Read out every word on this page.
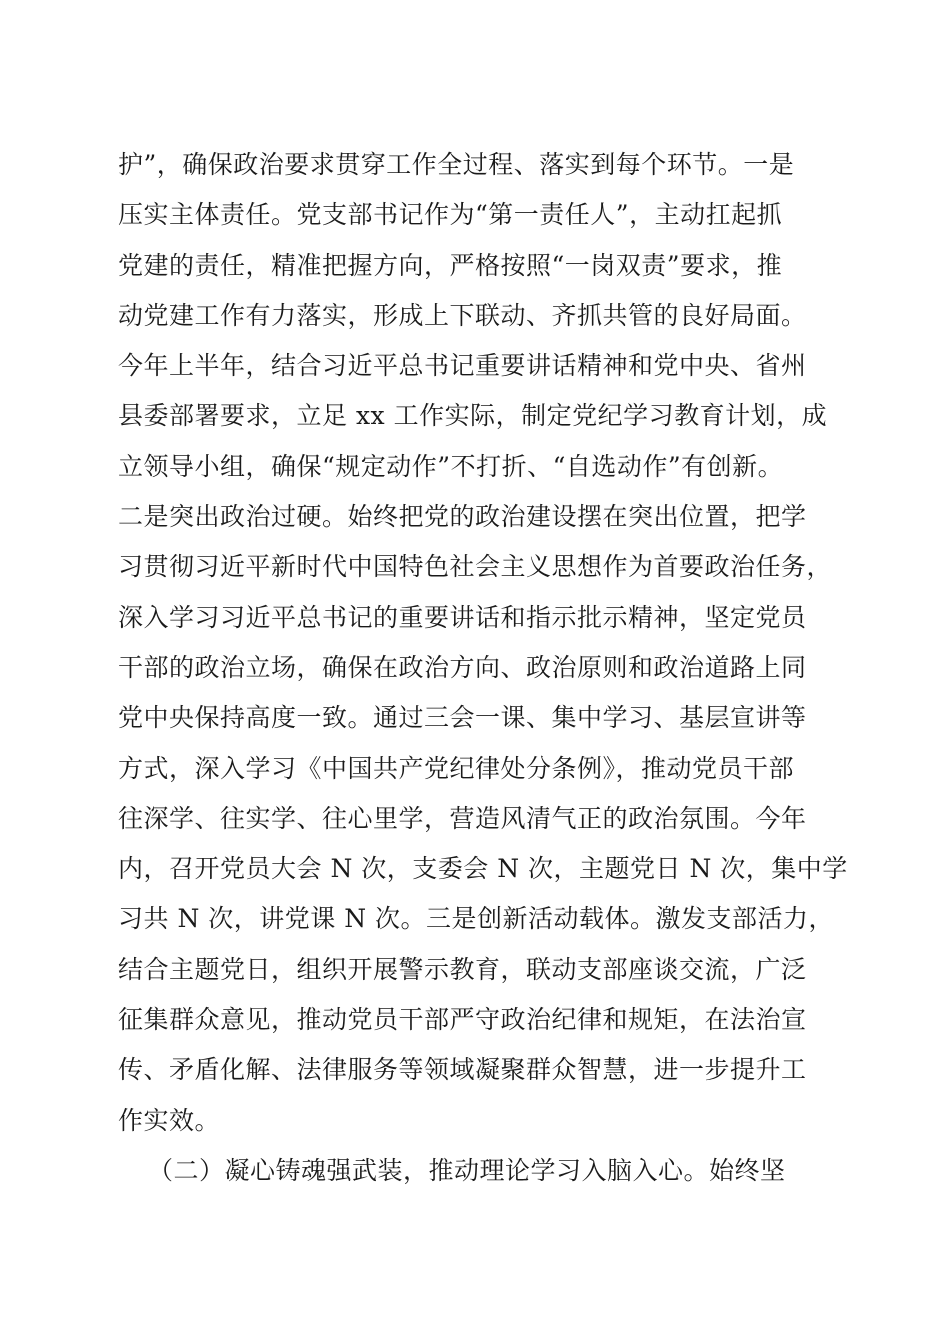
护”，确保政治要求贯穿工作全过程、落实到每个环节。一是
压实主体责任。党支部书记作为“第一责任人”，主动扛起抓
党建的责任，精准把握方向，严格按照“一岗双责”要求，推
动党建工作有力落实，形成上下联动、齐抓共管的良好局面。
今年上半年，结合习近平总书记重要讲话精神和党中央、省州
县委部署要求，立足 xx 工作实际，制定党纪学习教育计划，成
立领导小组，确保“规定动作”不打折、“自选动作”有创新。
二是突出政治过硬。始终把党的政治建设摆在突出位置，把学
习贯彻习近平新时代中国特色社会主义思想作为首要政治任务，
深入学习习近平总书记的重要讲话和指示批示精神，坚定党员
干部的政治立场，确保在政治方向、政治原则和政治道路上同
党中央保持高度一致。通过三会一课、集中学习、基层宣讲等
方式，深入学习《中国共产党纪律处分条例》，推动党员干部
往深学、往实学、往心里学，营造风清气正的政治氛围。今年
内，召开党员大会 N 次，支委会 N 次，主题党日 N 次，集中学
习共 N 次，讲党课 N 次。三是创新活动载体。激发支部活力，
结合主题党日，组织开展警示教育，联动支部座谈交流，广泛
征集群众意见，推动党员干部严守政治纪律和规矩，在法治宣
传、矛盾化解、法律服务等领域凝聚群众智慧，进一步提升工
作实效。
（二）凝心铸魂强武装，推动理论学习入脑入心。始终坚
